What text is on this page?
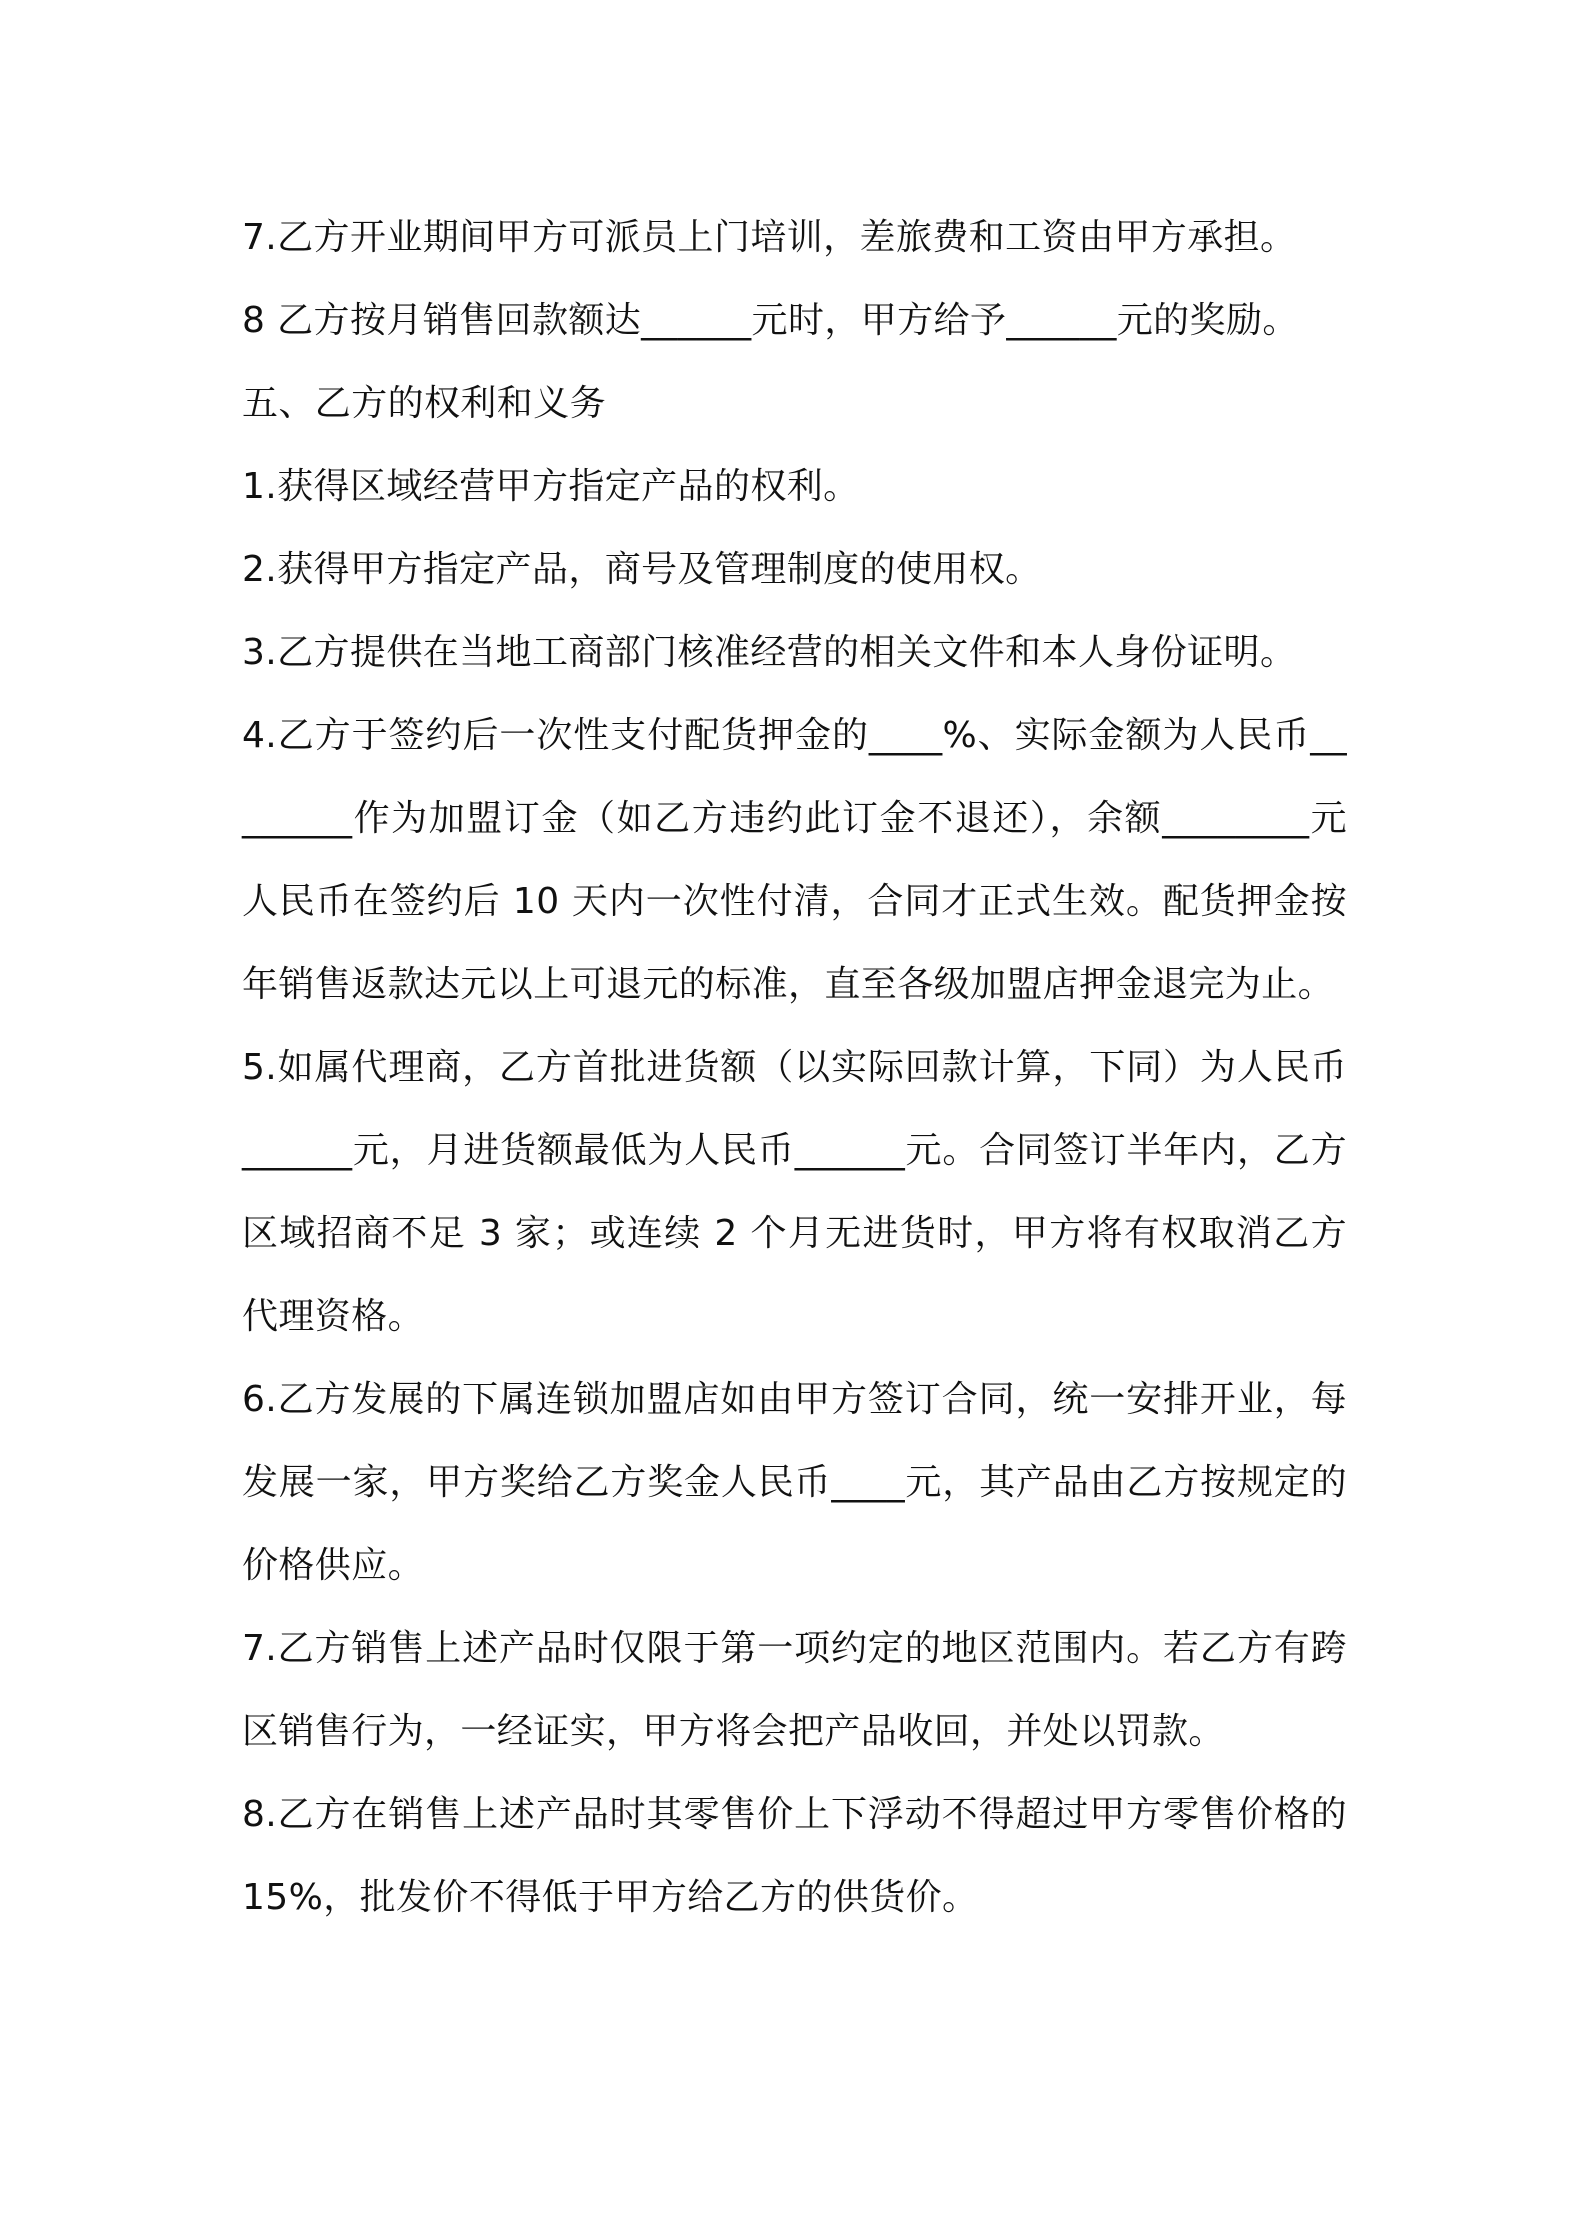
7.乙方开业期间甲方可派员上门培训，差旅费和工资由甲方承担。

8 乙方按月销售回款额达______元时，甲方给予______元的奖励。

五、乙方的权利和义务

1.获得区域经营甲方指定产品的权利。

2.获得甲方指定产品，商号及管理制度的使用权。

3.乙方提供在当地工商部门核准经营的相关文件和本人身份证明。

4.乙方于签约后一次性支付配货押金的____%、实际金额为人民币________作为加盟订金（如乙方违约此订金不退还），余额________元人民币在签约后 10 天内一次性付清，合同才正式生效。配货押金按年销售返款达元以上可退元的标准，直至各级加盟店押金退完为止。

5.如属代理商，乙方首批进货额（以实际回款计算，下同）为人民币______元，月进货额最低为人民币______元。合同签订半年内，乙方区域招商不足 3 家；或连续 2 个月无进货时，甲方将有权取消乙方代理资格。

6.乙方发展的下属连锁加盟店如由甲方签订合同，统一安排开业，每发展一家，甲方奖给乙方奖金人民币____元，其产品由乙方按规定的价格供应。

7.乙方销售上述产品时仅限于第一项约定的地区范围内。若乙方有跨区销售行为，一经证实，甲方将会把产品收回，并处以罚款。

8.乙方在销售上述产品时其零售价上下浮动不得超过甲方零售价格的 15%，批发价不得低于甲方给乙方的供货价。
